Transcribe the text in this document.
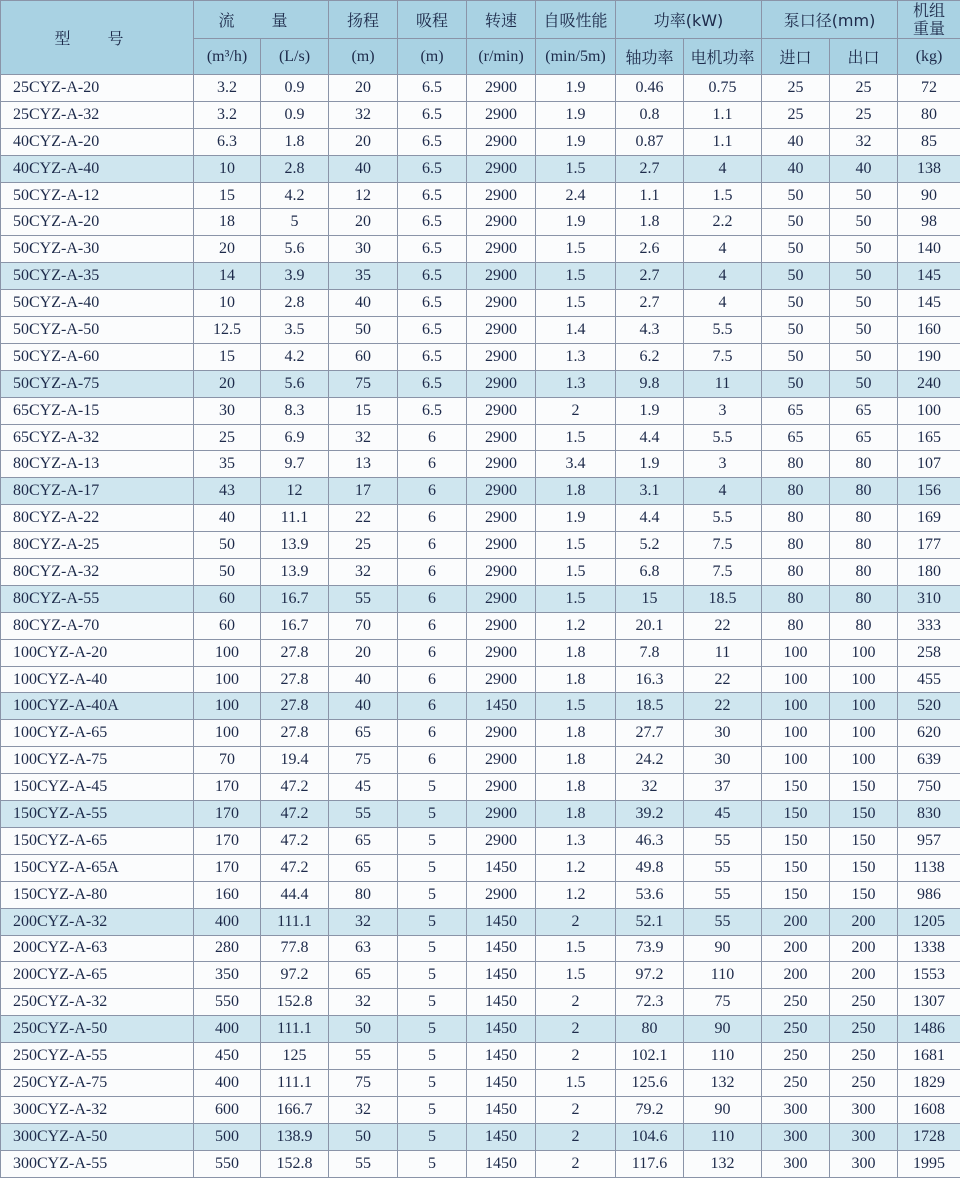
型 号	流 量		扬程	吸程	转速	自吸性能	功率(kW)		泵口径(mm)		机组重量
	(m³/h)	(L/s)	(m)	(m)	(r/min)	(min/5m)	轴功率	电机功率	进口	出口	(kg)
25CYZ-A-20	3.2	0.9	20	6.5	2900	1.9	0.46	0.75	25	25	72
25CYZ-A-32	3.2	0.9	32	6.5	2900	1.9	0.8	1.1	25	25	80
40CYZ-A-20	6.3	1.8	20	6.5	2900	1.9	0.87	1.1	40	32	85
40CYZ-A-40	10	2.8	40	6.5	2900	1.5	2.7	4	40	40	138
50CYZ-A-12	15	4.2	12	6.5	2900	2.4	1.1	1.5	50	50	90
50CYZ-A-20	18	5	20	6.5	2900	1.9	1.8	2.2	50	50	98
50CYZ-A-30	20	5.6	30	6.5	2900	1.5	2.6	4	50	50	140
50CYZ-A-35	14	3.9	35	6.5	2900	1.5	2.7	4	50	50	145
50CYZ-A-40	10	2.8	40	6.5	2900	1.5	2.7	4	50	50	145
50CYZ-A-50	12.5	3.5	50	6.5	2900	1.4	4.3	5.5	50	50	160
50CYZ-A-60	15	4.2	60	6.5	2900	1.3	6.2	7.5	50	50	190
50CYZ-A-75	20	5.6	75	6.5	2900	1.3	9.8	11	50	50	240
65CYZ-A-15	30	8.3	15	6.5	2900	2	1.9	3	65	65	100
65CYZ-A-32	25	6.9	32	6	2900	1.5	4.4	5.5	65	65	165
80CYZ-A-13	35	9.7	13	6	2900	3.4	1.9	3	80	80	107
80CYZ-A-17	43	12	17	6	2900	1.8	3.1	4	80	80	156
80CYZ-A-22	40	11.1	22	6	2900	1.9	4.4	5.5	80	80	169
80CYZ-A-25	50	13.9	25	6	2900	1.5	5.2	7.5	80	80	177
80CYZ-A-32	50	13.9	32	6	2900	1.5	6.8	7.5	80	80	180
80CYZ-A-55	60	16.7	55	6	2900	1.5	15	18.5	80	80	310
80CYZ-A-70	60	16.7	70	6	2900	1.2	20.1	22	80	80	333
100CYZ-A-20	100	27.8	20	6	2900	1.8	7.8	11	100	100	258
100CYZ-A-40	100	27.8	40	6	2900	1.8	16.3	22	100	100	455
100CYZ-A-40A	100	27.8	40	6	1450	1.5	18.5	22	100	100	520
100CYZ-A-65	100	27.8	65	6	2900	1.8	27.7	30	100	100	620
100CYZ-A-75	70	19.4	75	6	2900	1.8	24.2	30	100	100	639
150CYZ-A-45	170	47.2	45	5	2900	1.8	32	37	150	150	750
150CYZ-A-55	170	47.2	55	5	2900	1.8	39.2	45	150	150	830
150CYZ-A-65	170	47.2	65	5	2900	1.3	46.3	55	150	150	957
150CYZ-A-65A	170	47.2	65	5	1450	1.2	49.8	55	150	150	1138
150CYZ-A-80	160	44.4	80	5	2900	1.2	53.6	55	150	150	986
200CYZ-A-32	400	111.1	32	5	1450	2	52.1	55	200	200	1205
200CYZ-A-63	280	77.8	63	5	1450	1.5	73.9	90	200	200	1338
200CYZ-A-65	350	97.2	65	5	1450	1.5	97.2	110	200	200	1553
250CYZ-A-32	550	152.8	32	5	1450	2	72.3	75	250	250	1307
250CYZ-A-50	400	111.1	50	5	1450	2	80	90	250	250	1486
250CYZ-A-55	450	125	55	5	1450	2	102.1	110	250	250	1681
250CYZ-A-75	400	111.1	75	5	1450	1.5	125.6	132	250	250	1829
300CYZ-A-32	600	166.7	32	5	1450	2	79.2	90	300	300	1608
300CYZ-A-50	500	138.9	50	5	1450	2	104.6	110	300	300	1728
300CYZ-A-55	550	152.8	55	5	1450	2	117.6	132	300	300	1995
